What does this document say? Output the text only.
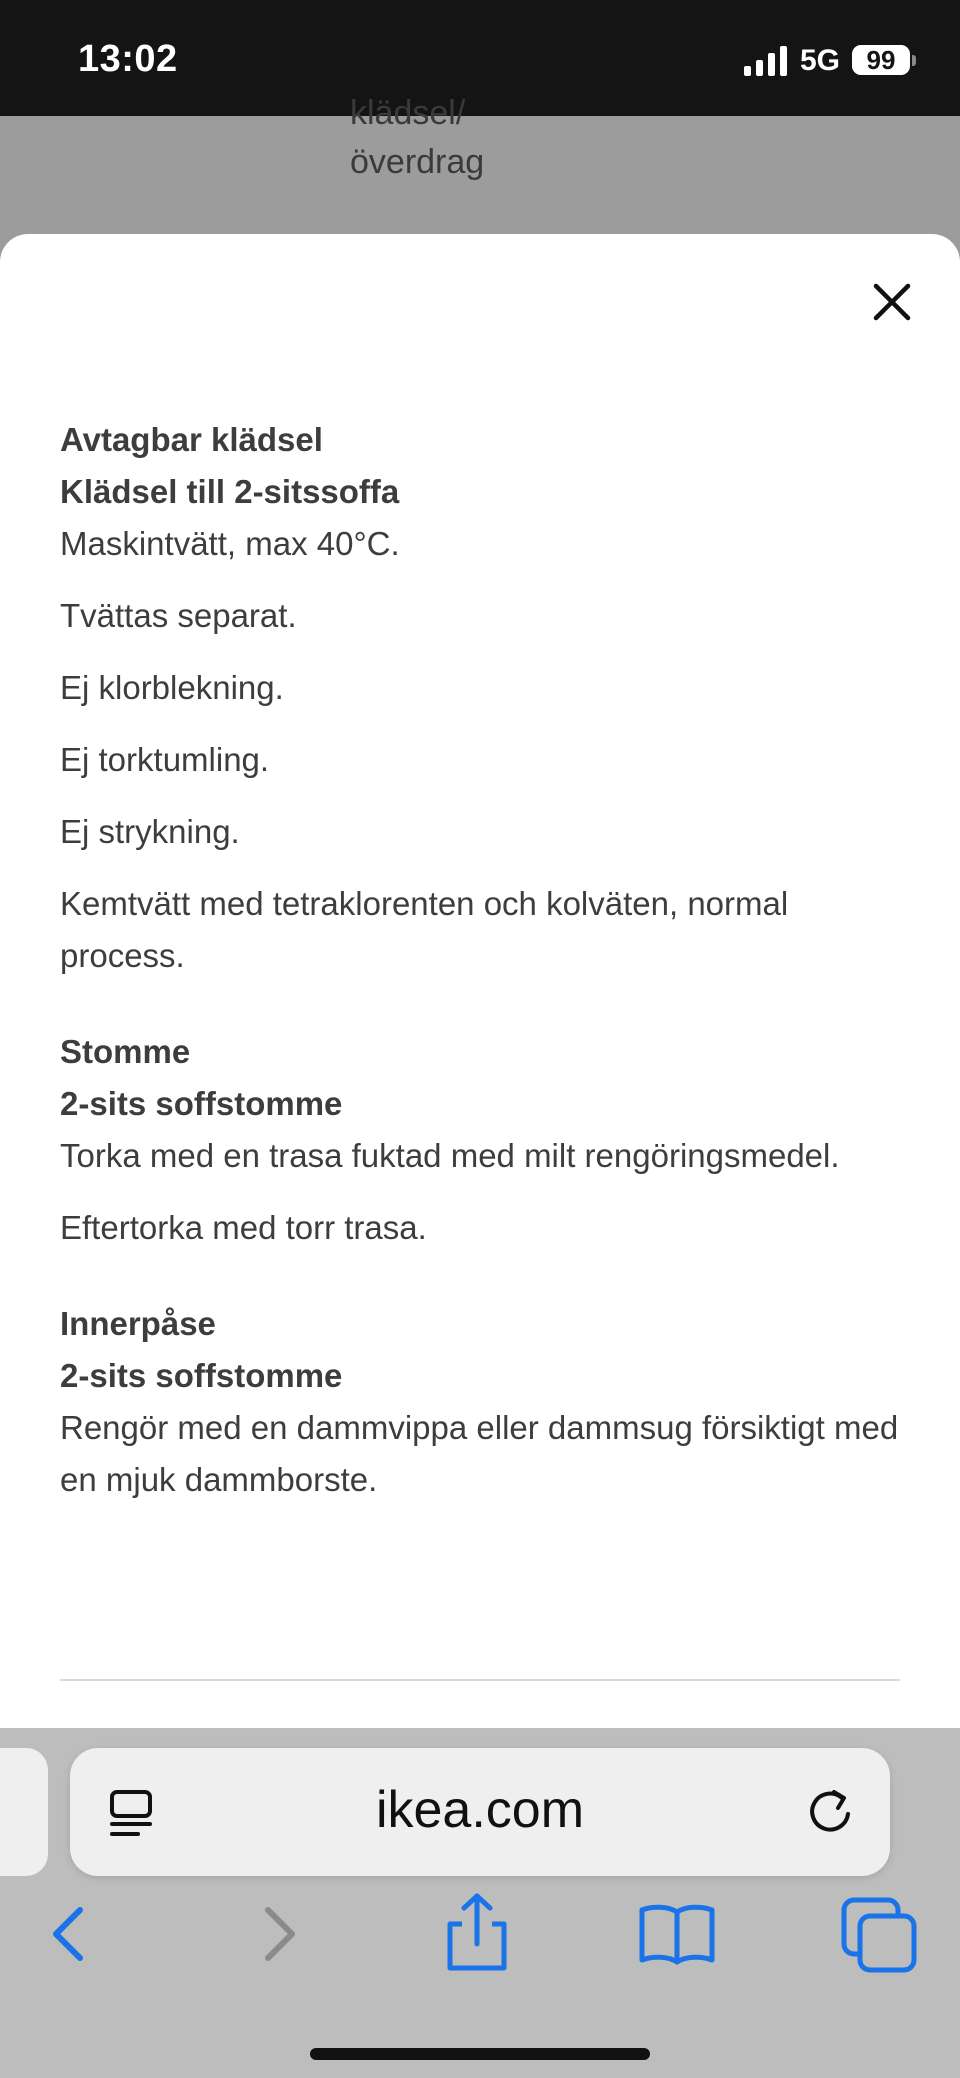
13:02	5G	99
klädsel/
överdrag
Avtagbar klädsel
Klädsel till 2-sitssoffa
Maskintvätt, max 40°C.
Tvättas separat.
Ej klorblekning.
Ej torktumling.
Ej strykning.
Kemtvätt med tetraklorenten och kolväten, normal process.
Stomme
2-sits soffstomme
Torka med en trasa fuktad med milt rengöringsmedel.
Eftertorka med torr trasa.
Innerpåse
2-sits soffstomme
Rengör med en dammvippa eller dammsug försiktigt med en mjuk dammborste.
ikea.com
